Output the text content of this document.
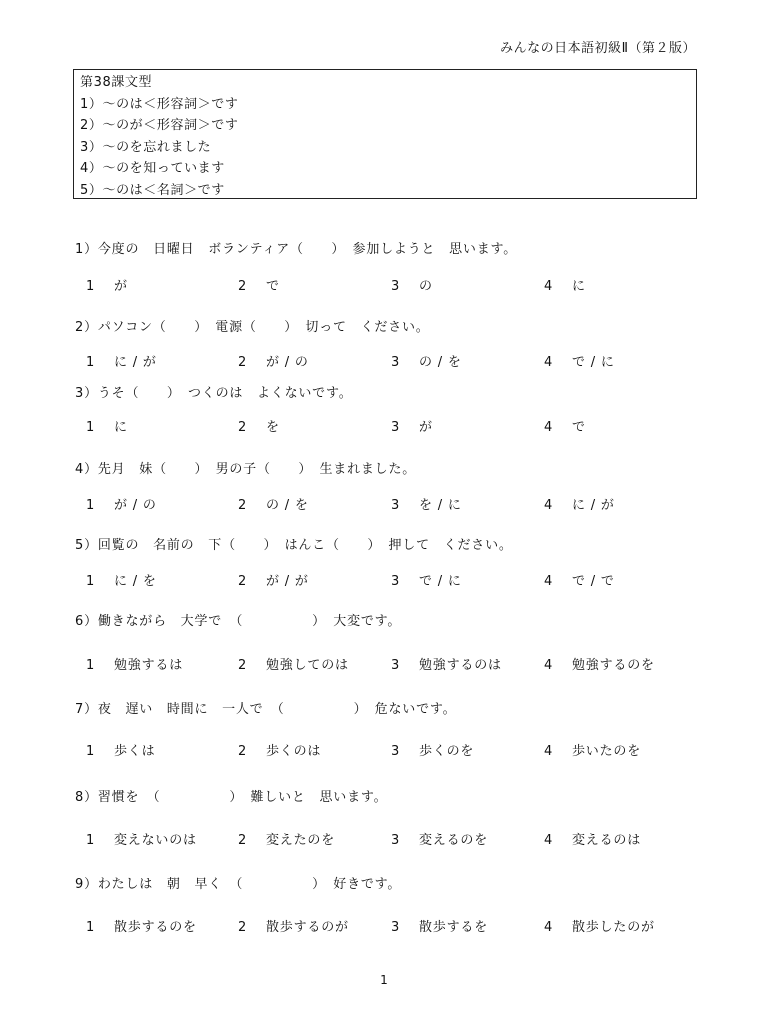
みんなの日本語初級Ⅱ（第２版）
第38課文型
1）～のは＜形容詞＞です
2）～のが＜形容詞＞です
3）～のを忘れました
4）～のを知っています
5）～のは＜名詞＞です
1）今度の　日曜日　ボランティア（　　）　参加しようと　思います。
1 が	2 で	3 の	4 に
2）パソコン（　　）　電源（　　）　切って　ください。
1 に / が	2 が / の	3 の / を	4 で / に
3）うそ（　　）　つくのは　よくないです。
1 に	2 を	3 が	4 で
4）先月　妹（　　）　男の子（　　）　生まれました。
1 が / の	2 の / を	3 を / に	4 に / が
5）回覧の　名前の　下（　　）　はんこ（　　）　押して　ください。
1 に / を	2 が / が	3 で / に	4 で / で
6）働きながら　大学で　（　　　　　）　大変です。
1 勉強するは	2 勉強してのは	3 勉強するのは	4 勉強するのを
7）夜　遅い　時間に　一人で　（　　　　　）　危ないです。
1 歩くは	2 歩くのは	3 歩くのを	4 歩いたのを
8）習慣を　（　　　　　）　難しいと　思います。
1 変えないのは	2 変えたのを	3 変えるのを	4 変えるのは
9）わたしは　朝　早く　（　　　　　）　好きです。
1 散歩するのを	2 散歩するのが	3 散歩するを	4 散歩したのが
1
